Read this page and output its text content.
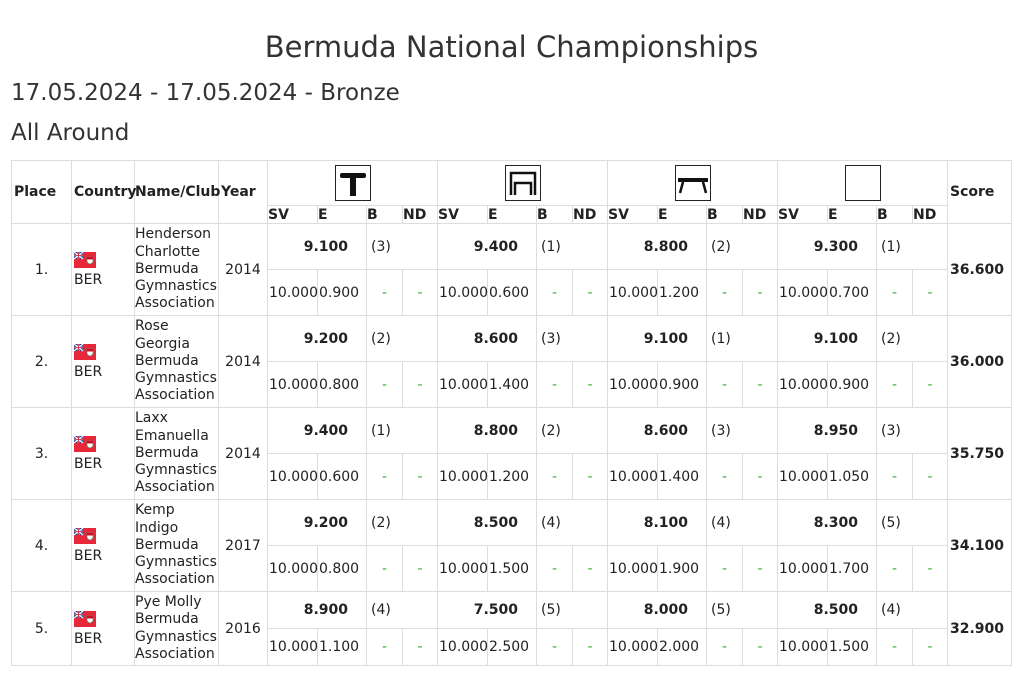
Bermuda National Championships
17.05.2024 - 17.05.2024 - Bronze
All Around
Place	Country	Name/Club	Year																	Score
				SV	E	B	ND	SV	E	B	ND	SV	E	B	ND	SV	E	B	ND	
1.	BER	Henderson
Charlotte
Bermuda
Gymnastics
Association	2014	9.100		(3)		9.400		(1)		8.800		(2)		9.300		(1)		36.600
				10.000	0.900	-	-	10.000	0.600	-	-	10.000	1.200	-	-	10.000	0.700	-	-	
2.	BER	Rose
Georgia
Bermuda
Gymnastics
Association	2014	9.200		(2)		8.600		(3)		9.100		(1)		9.100		(2)		36.000
				10.000	0.800	-	-	10.000	1.400	-	-	10.000	0.900	-	-	10.000	0.900	-	-	
3.	BER	Laxx
Emanuella
Bermuda
Gymnastics
Association	2014	9.400		(1)		8.800		(2)		8.600		(3)		8.950		(3)		35.750
				10.000	0.600	-	-	10.000	1.200	-	-	10.000	1.400	-	-	10.000	1.050	-	-	
4.	BER	Kemp
Indigo
Bermuda
Gymnastics
Association	2017	9.200		(2)		8.500		(4)		8.100		(4)		8.300		(5)		34.100
				10.000	0.800	-	-	10.000	1.500	-	-	10.000	1.900	-	-	10.000	1.700	-	-	
5.	BER	Pye Molly
Bermuda
Gymnastics
Association	2016	8.900		(4)		7.500		(5)		8.000		(5)		8.500		(4)		32.900
				10.000	1.100	-	-	10.000	2.500	-	-	10.000	2.000	-	-	10.000	1.500	-	-	
